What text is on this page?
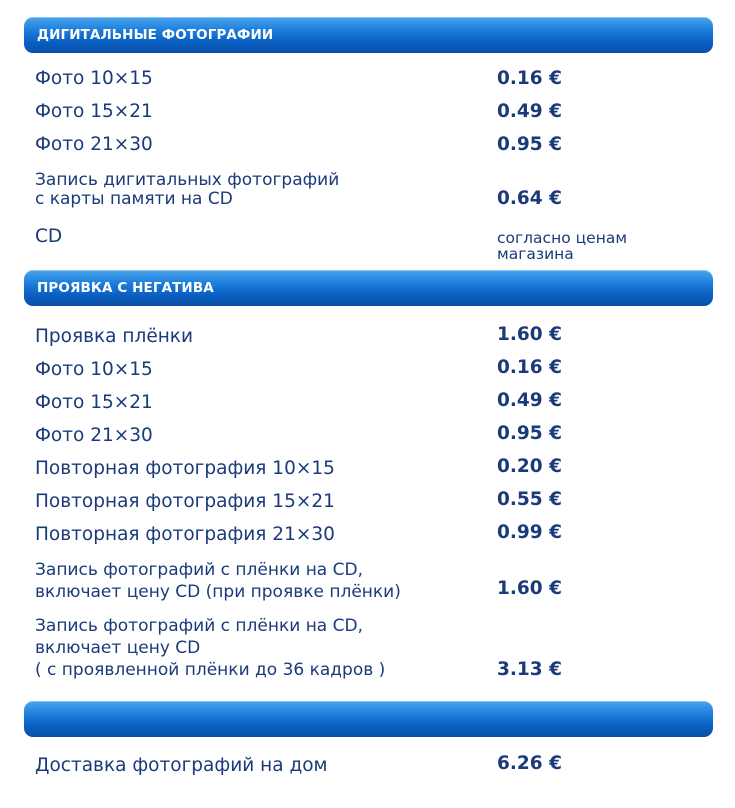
ДИГИТАЛЬНЫЕ ФОТОГРАФИИ
Фото 10×15	0.16 €
Фото 15×21	0.49 €
Фото 21×30	0.95 €
Запись дигитальных фотографий
с карты памяти на CD	0.64 €
CD	согласно ценам
магазина
ПРОЯВКА С НЕГАТИВА
Проявка плёнки	1.60 €
Фото 10×15	0.16 €
Фото 15×21	0.49 €
Фото 21×30	0.95 €
Повторная фотография 10×15	0.20 €
Повторная фотография 15×21	0.55 €
Повторная фотография 21×30	0.99 €
Запись фотографий с плёнки на CD,
включает цену CD (при проявке плёнки)	1.60 €
Запись фотографий с плёнки на CD,
включает цену CD
( с проявленной плёнки до 36 кадров )	3.13 €
Доставка фотографий на дом	6.26 €
